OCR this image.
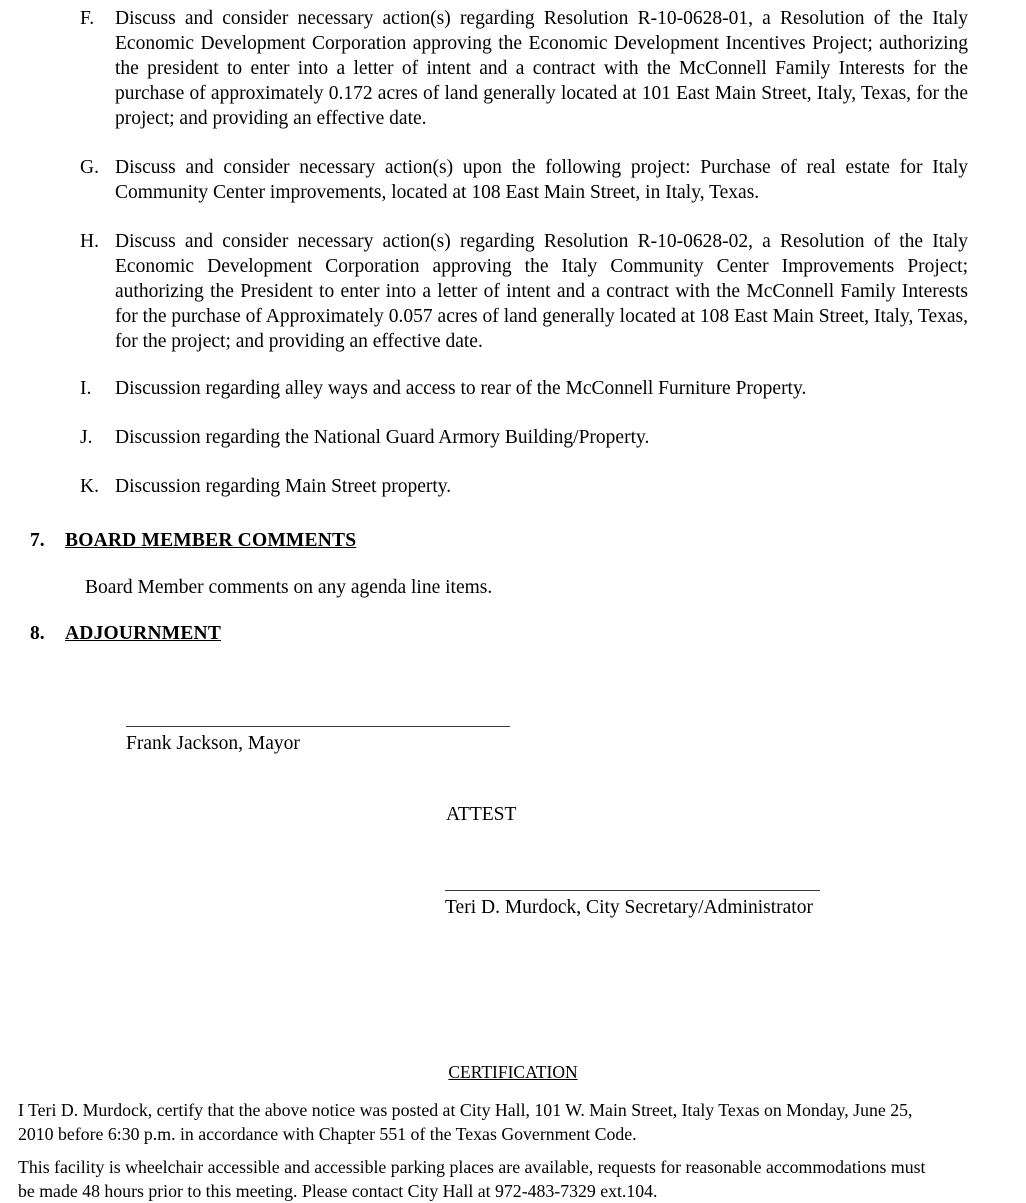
F.	Discuss and consider necessary action(s) regarding Resolution R-10-0628-01, a Resolution of the Italy Economic Development Corporation approving the Economic Development Incentives Project; authorizing the president to enter into a letter of intent and a contract with the McConnell Family Interests for the purchase of approximately 0.172 acres of land generally located at 101 East Main Street, Italy, Texas, for the project; and providing an effective date.
G. Discuss and consider necessary action(s) upon the following project: Purchase of real estate for Italy Community Center improvements, located at 108 East Main Street, in Italy, Texas.
H. Discuss and consider necessary action(s) regarding Resolution R-10-0628-02, a Resolution of the Italy Economic Development Corporation approving the Italy Community Center Improvements Project; authorizing the President to enter into a letter of intent and a contract with the McConnell Family Interests for the purchase of Approximately 0.057 acres of land generally located at 108 East Main Street, Italy, Texas, for the project; and providing an effective date.
I.	Discussion regarding alley ways and access to rear of the McConnell Furniture Property.
J.	Discussion regarding the National Guard Armory Building/Property.
K. Discussion regarding Main Street property.
7. BOARD MEMBER COMMENTS
Board Member comments on any agenda line items.
8. ADJOURNMENT
Frank Jackson, Mayor
ATTEST
Teri D. Murdock, City Secretary/Administrator
CERTIFICATION
I Teri D. Murdock, certify that the above notice was posted at City Hall, 101 W. Main Street, Italy Texas on Monday, June 25, 2010 before 6:30 p.m. in accordance with Chapter 551 of the Texas Government Code.
This facility is wheelchair accessible and accessible parking places are available, requests for reasonable accommodations must be made 48 hours prior to this meeting. Please contact City Hall at 972-483-7329 ext.104.
